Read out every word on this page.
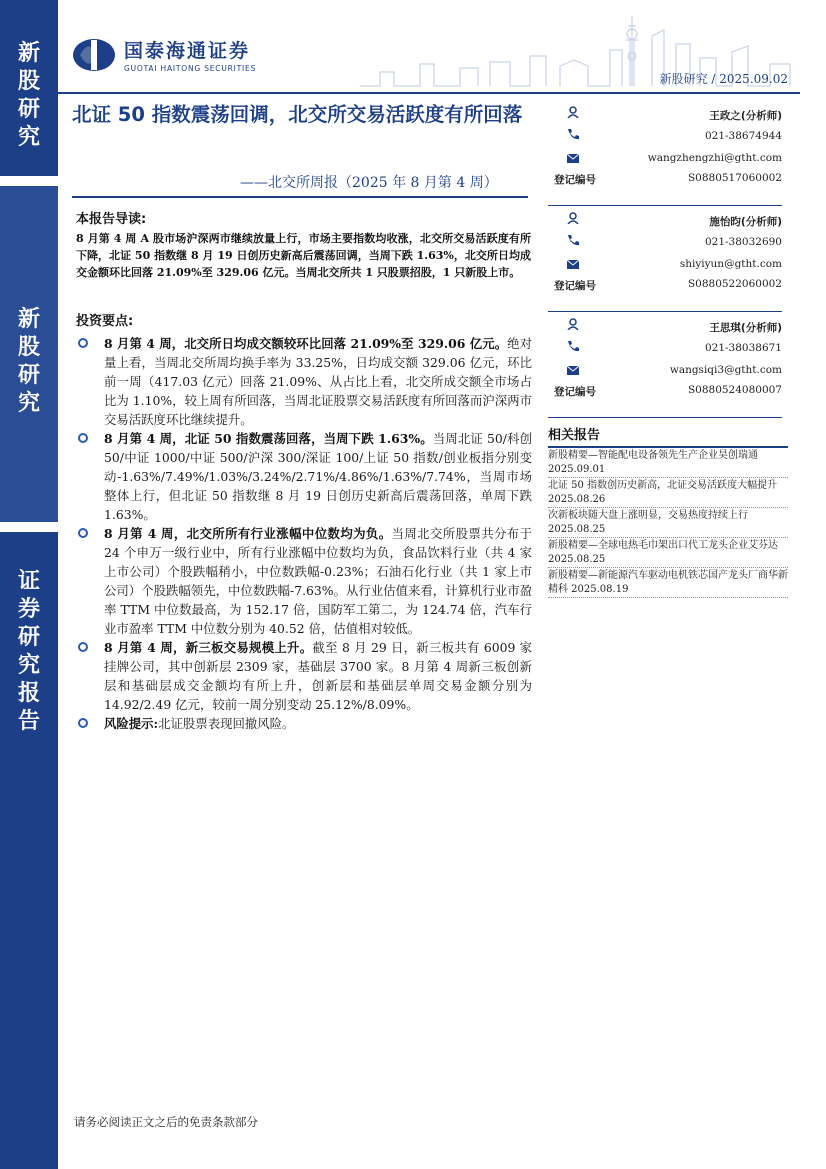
新
股
研
究
新
股
研
究
证
券
研
究
报
告
国泰海通证券
GUOTAI HAITONG SECURITIES
新股研究 / 2025.09.02
北证 50 指数震荡回调，北交所交易活跃度有所回落
——北交所周报（2025 年 8 月第 4 周）
本报告导读:
8 月第 4 周 A 股市场沪深两市继续放量上行，市场主要指数均收涨，北交所交易活跃度有所下降，北证 50 指数继 8 月 19 日创历史新高后震荡回调，当周下跌 1.63%，北交所日均成交金额环比回落 21.09%至 329.06 亿元。当周北交所共 1 只股票招股，1 只新股上市。
投资要点:
8 月第 4 周，北交所日均成交额较环比回落 21.09%至 329.06 亿元。绝对量上看，当周北交所周均换手率为 33.25%，日均成交额 329.06 亿元，环比前一周（417.03 亿元）回落 21.09%、从占比上看，北交所成交额全市场占比为 1.10%，较上周有所回落，当周北证股票交易活跃度有所回落而沪深两市交易活跃度环比继续提升。
8 月第 4 周，北证 50 指数震荡回落，当周下跌 1.63%。当周北证 50/科创 50/中证 1000/中证 500/沪深 300/深证 100/上证 50 指数/创业板指分别变动-1.63%/7.49%/1.03%/3.24%/2.71%/4.86%/1.63%/7.74%，当周市场整体上行，但北证 50 指数继 8 月 19 日创历史新高后震荡回落，单周下跌 1.63%。
8 月第 4 周，北交所所有行业涨幅中位数均为负。当周北交所股票共分布于 24 个申万一级行业中，所有行业涨幅中位数均为负，食品饮料行业（共 4 家上市公司）个股跌幅稍小，中位数跌幅-0.23%；石油石化行业（共 1 家上市公司）个股跌幅领先，中位数跌幅-7.63%。从行业估值来看，计算机行业市盈率 TTM 中位数最高，为 152.17 倍，国防军工第二，为 124.74 倍，汽车行业市盈率 TTM 中位数分别为 40.52 倍，估值相对较低。
8 月第 4 周，新三板交易规模上升。截至 8 月 29 日，新三板共有 6009 家挂牌公司，其中创新层 2309 家，基础层 3700 家。8 月第 4 周新三板创新层和基础层成交金额均有所上升，创新层和基础层单周交易金额分别为 14.92/2.49 亿元，较前一周分别变动 25.12%/8.09%。
风险提示:北证股票表现回撤风险。
王政之(分析师)
021-38674944
wangzhengzhi@gtht.com
登记编号	S0880517060002
施怡昀(分析师)
021-38032690
shiyiyun@gtht.com
登记编号	S0880522060002
王思琪(分析师)
021-38038671
wangsiqi3@gtht.com
登记编号	S0880524080007
相关报告
新股精要—智能配电设备领先生产企业昊创瑞通 2025.09.01
北证 50 指数创历史新高，北证交易活跃度大幅提升 2025.08.26
次新板块随大盘上涨明显，交易热度持续上行 2025.08.25
新股精要—全球电热毛巾架出口代工龙头企业艾芬达 2025.08.25
新股精要—新能源汽车驱动电机铁芯国产龙头厂商华新精科 2025.08.19
请务必阅读正文之后的免责条款部分
